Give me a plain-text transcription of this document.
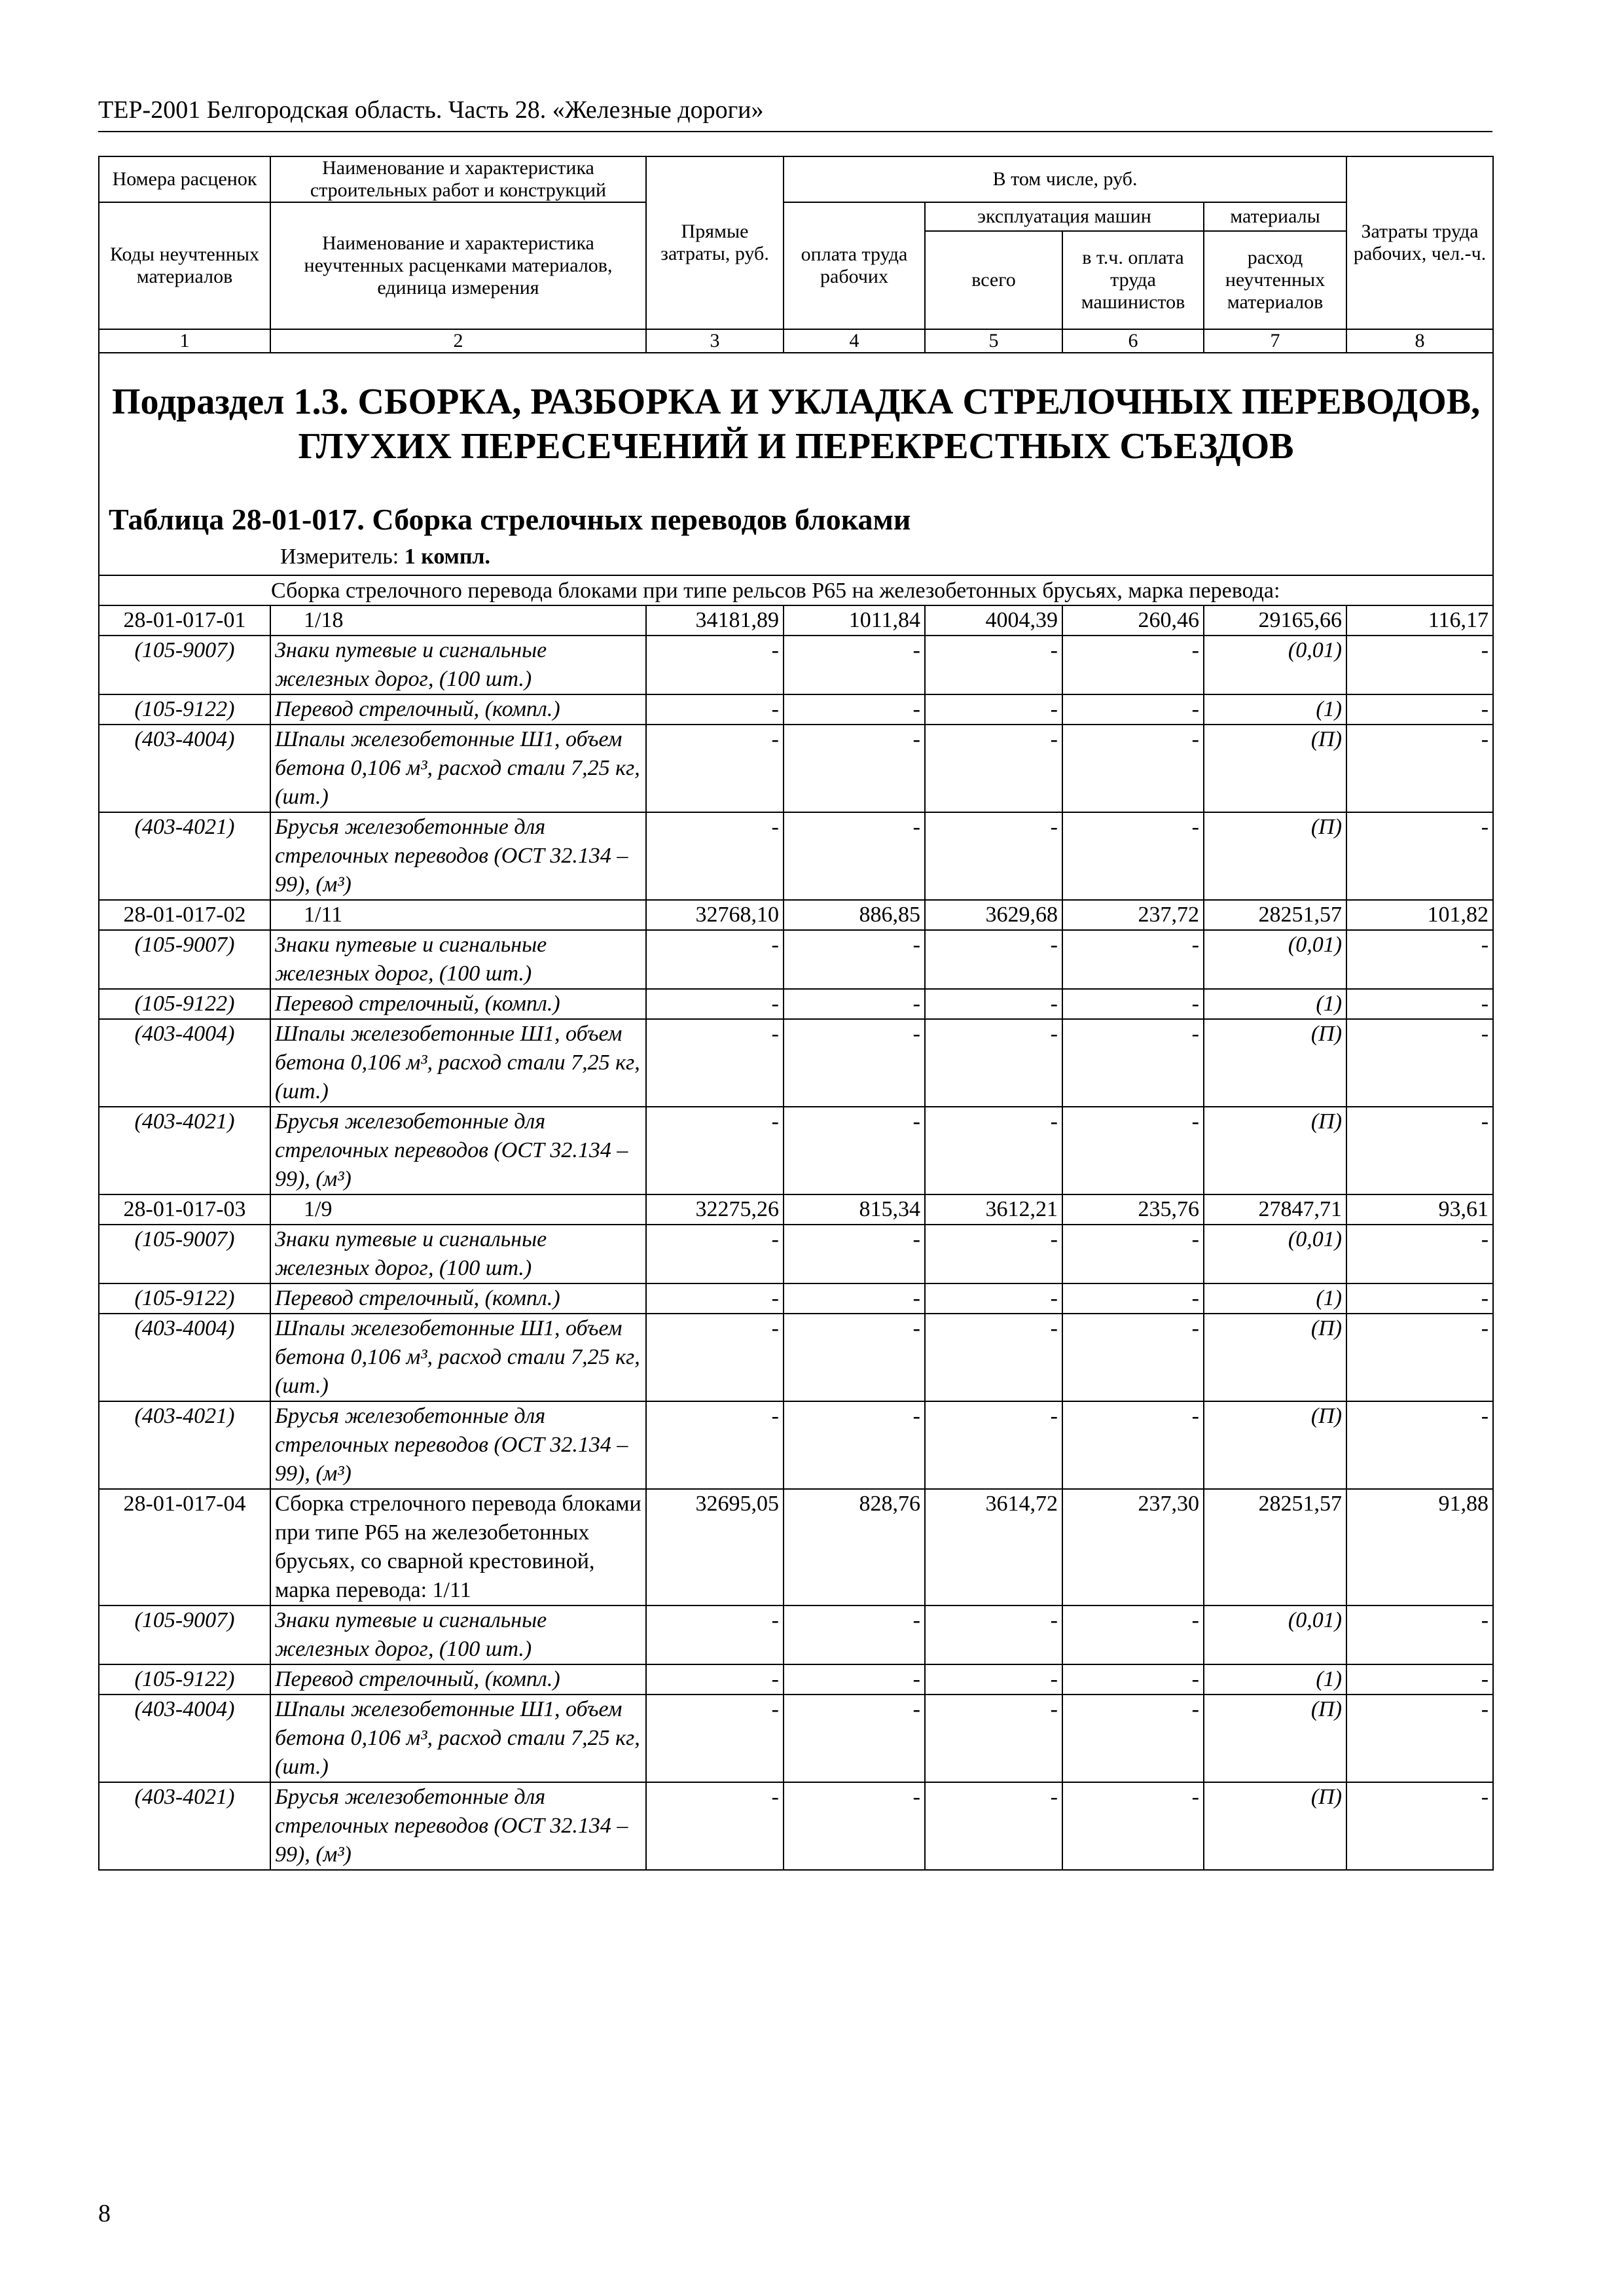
ТЕР-2001 Белгородская область. Часть 28. «Железные дороги»
Номера расценок	Наименование и характеристика строительных работ и конструкций	Прямые затраты, руб.	В том числе, руб.				Затраты труда рабочих, чел.-ч.
Коды неучтенных материалов	Наименование и характеристика неучтенных расценками материалов, единица измерения		оплата труда рабочих	эксплуатация машин		материалы	
				всего	в т.ч. оплата труда машинистов	расход неучтенных материалов	
1	2	3	4	5	6	7	8

Подраздел 1.3. СБОРКА, РАЗБОРКА И УКЛАДКА СТРЕЛОЧНЫХ ПЕРЕВОДОВ, ГЛУХИХ ПЕРЕСЕЧЕНИЙ И ПЕРЕКРЕСТНЫХ СЪЕЗДОВ
Таблица 28-01-017. Сборка стрелочных переводов блоками
Измеритель: 1 компл.							

Сборка стрелочного перевода блоками при типе рельсов Р65 на железобетонных брусьях, марка перевода:							
28-01-017-01	1/18	34181,89	1011,84	4004,39	260,46	29165,66	116,17
(105-9007)	Знаки путевые и сигнальные железных дорог, (100 шт.)	-	-	-	-	(0,01)	-
(105-9122)	Перевод стрелочный, (компл.)	-	-	-	-	(1)	-
(403-4004)	Шпалы железобетонные Ш1, объем бетона 0,106 м³, расход стали 7,25 кг, (шт.)	-	-	-	-	(П)	-
(403-4021)	Брусья железобетонные для стрелочных переводов (ОСТ 32.134 – 99), (м³)	-	-	-	-	(П)	-
28-01-017-02	1/11	32768,10	886,85	3629,68	237,72	28251,57	101,82
(105-9007)	Знаки путевые и сигнальные железных дорог, (100 шт.)	-	-	-	-	(0,01)	-
(105-9122)	Перевод стрелочный, (компл.)	-	-	-	-	(1)	-
(403-4004)	Шпалы железобетонные Ш1, объем бетона 0,106 м³, расход стали 7,25 кг, (шт.)	-	-	-	-	(П)	-
(403-4021)	Брусья железобетонные для стрелочных переводов (ОСТ 32.134 – 99), (м³)	-	-	-	-	(П)	-
28-01-017-03	1/9	32275,26	815,34	3612,21	235,76	27847,71	93,61
(105-9007)	Знаки путевые и сигнальные железных дорог, (100 шт.)	-	-	-	-	(0,01)	-
(105-9122)	Перевод стрелочный, (компл.)	-	-	-	-	(1)	-
(403-4004)	Шпалы железобетонные Ш1, объем бетона 0,106 м³, расход стали 7,25 кг, (шт.)	-	-	-	-	(П)	-
(403-4021)	Брусья железобетонные для стрелочных переводов (ОСТ 32.134 – 99), (м³)	-	-	-	-	(П)	-
28-01-017-04	Сборка стрелочного перевода блоками при типе Р65 на железобетонных брусьях, со сварной крестовиной, марка перевода: 1/11	32695,05	828,76	3614,72	237,30	28251,57	91,88
(105-9007)	Знаки путевые и сигнальные железных дорог, (100 шт.)	-	-	-	-	(0,01)	-
(105-9122)	Перевод стрелочный, (компл.)	-	-	-	-	(1)	-
(403-4004)	Шпалы железобетонные Ш1, объем бетона 0,106 м³, расход стали 7,25 кг, (шт.)	-	-	-	-	(П)	-
(403-4021)	Брусья железобетонные для стрелочных переводов (ОСТ 32.134 – 99), (м³)	-	-	-	-	(П)	-
8
